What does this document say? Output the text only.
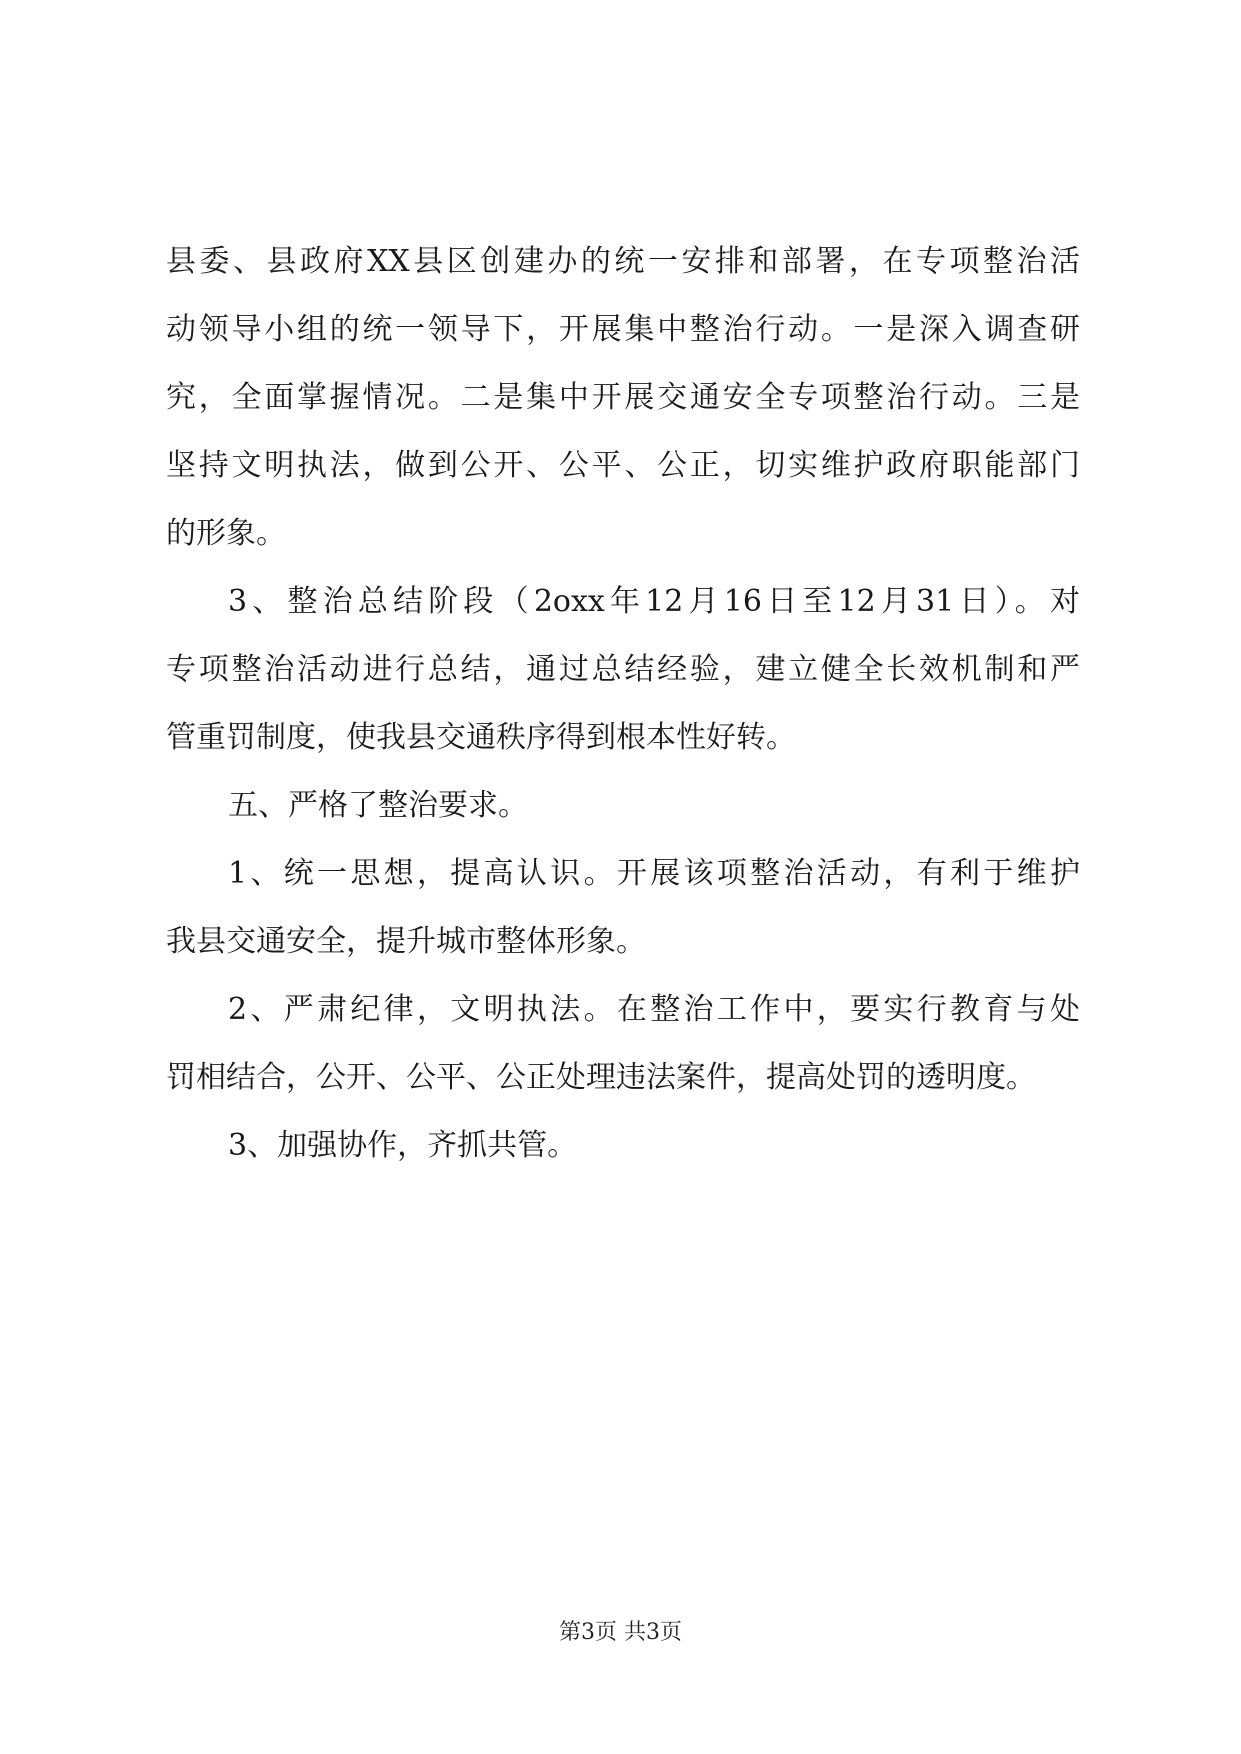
县委、县政府XX县区创建办的统一安排和部署，在专项整治活
动领导小组的统一领导下，开展集中整治行动。一是深入调查研
究，全面掌握情况。二是集中开展交通安全专项整治行动。三是
坚持文明执法，做到公开、公平、公正，切实维护政府职能部门
的形象。
3、整治总结阶段（2oxx年12月16日至12月31日）。对
专项整治活动进行总结，通过总结经验，建立健全长效机制和严
管重罚制度，使我县交通秩序得到根本性好转。
五、严格了整治要求。
1、统一思想，提高认识。开展该项整治活动，有利于维护
我县交通安全，提升城市整体形象。
2、严肃纪律，文明执法。在整治工作中，要实行教育与处
罚相结合，公开、公平、公正处理违法案件，提高处罚的透明度。
3、加强协作，齐抓共管。
第3页 共3页
